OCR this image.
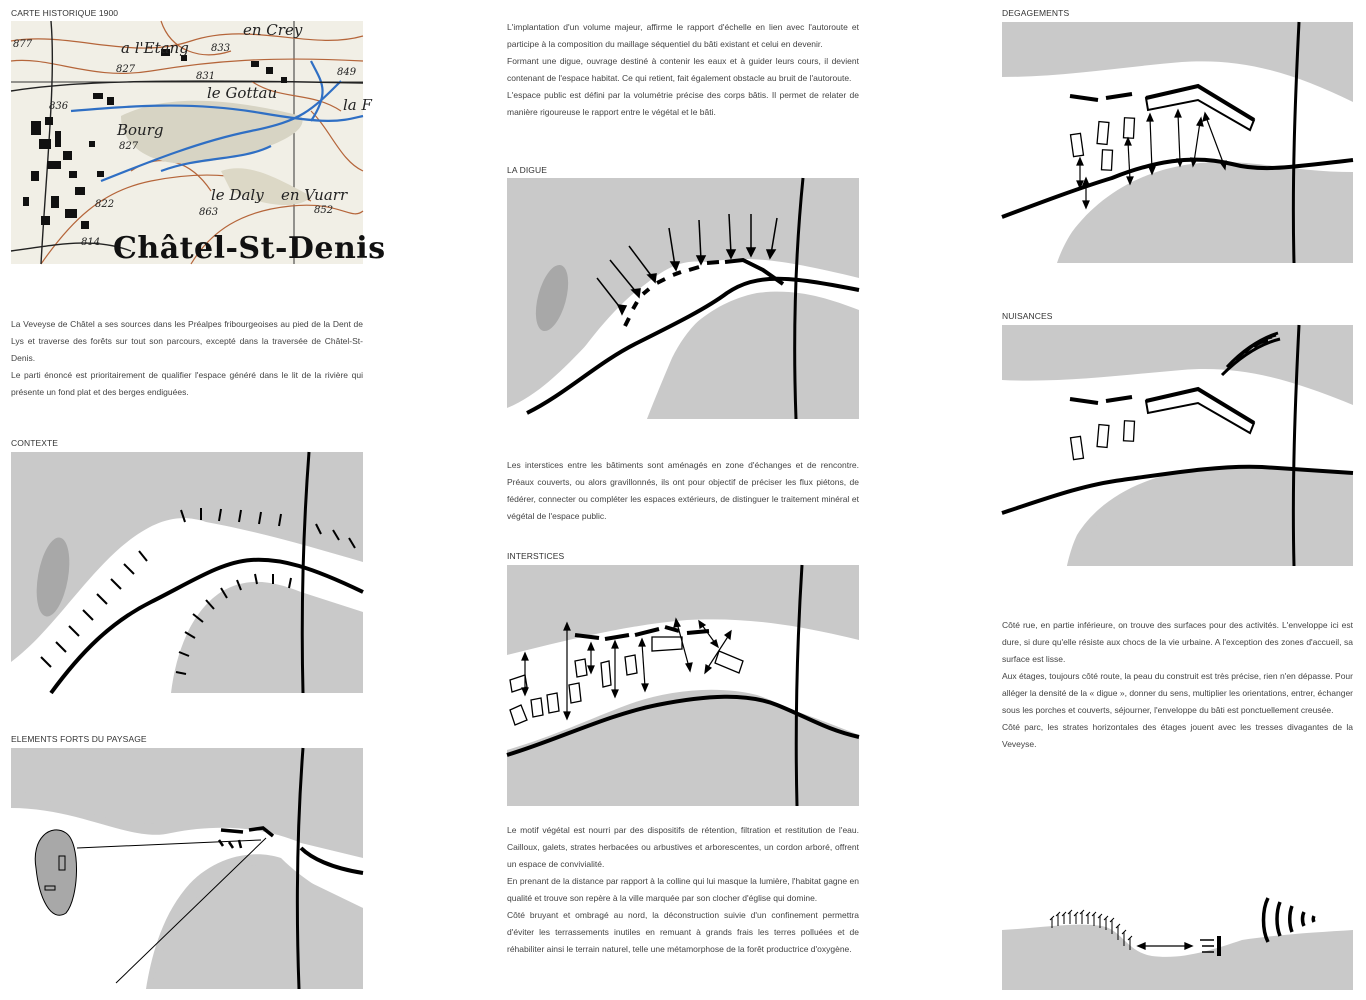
CARTE HISTORIQUE 1900
a l'Etang
en Crey
le Gottau
Bourg
le Daly en Vuarr
la F
877
827
831
833
836
827
849
863	852
822
814 Châtel-St-Denis

La Veveyse de Châtel a ses sources dans les Préalpes fribourgeoises au pied de la Dent de Lys et traverse des forêts sur tout son parcours, excepté dans la traversée de Châtel-St-Denis.

Le parti énoncé est prioritairement de qualifier l'espace généré dans le lit de la rivière qui présente un fond plat et des berges endiguées.

CONTEXTE
ELEMENTS FORTS DU PAYSAGE

L'implantation d'un volume majeur, affirme le rapport d'échelle en lien avec l'autoroute et participe à la composition du maillage séquentiel du bâti existant et celui en devenir.

Formant une digue, ouvrage destiné à contenir les eaux et à guider leurs cours, il devient contenant de l'espace habitat. Ce qui retient, fait également obstacle au bruit de l'autoroute.

L'espace public est défini par la volumétrie précise des corps bâtis. Il permet de relater de manière rigoureuse le rapport entre le végétal et le bâti.

LA DIGUE

Les interstices entre les bâtiments sont aménagés en zone d'échanges et de rencontre. Préaux couverts, ou alors gravillonnés, ils ont pour objectif de préciser les flux piétons, de fédérer, connecter ou compléter les espaces extérieurs, de distinguer le traitement minéral et végétal de l'espace public.

INTERSTICES

Le motif végétal est nourri par des dispositifs de rétention, filtration et restitution de l'eau. Cailloux, galets, strates herbacées ou arbustives et arborescentes, un cordon arboré, offrent un espace de convivialité.

En prenant de la distance par rapport à la colline qui lui masque la lumière, l'habitat gagne en qualité et trouve son repère à la ville marquée par son clocher d'église qui domine.

Côté bruyant et ombragé au nord, la déconstruction suivie d'un confinement permettra d'éviter les terrassements inutiles en remuant à grands frais les terres polluées et de réhabiliter ainsi le terrain naturel, telle une métamorphose de la forêt productrice d'oxygène.

DEGAGEMENTS
NUISANCES

Côté rue, en partie inférieure, on trouve des surfaces pour des activités. L'enveloppe ici est dure, si dure qu'elle résiste aux chocs de la vie urbaine. A l'exception des zones d'accueil, sa surface est lisse.

Aux étages, toujours côté route, la peau du construit est très précise, rien n'en dépasse. Pour alléger la densité de la « digue », donner du sens, multiplier les orientations, entrer, échanger sous les porches et couverts, séjourner, l'enveloppe du bâti est ponctuellement creusée.

Côté parc, les strates horizontales des étages jouent avec les tresses divagantes de la Veveyse.
